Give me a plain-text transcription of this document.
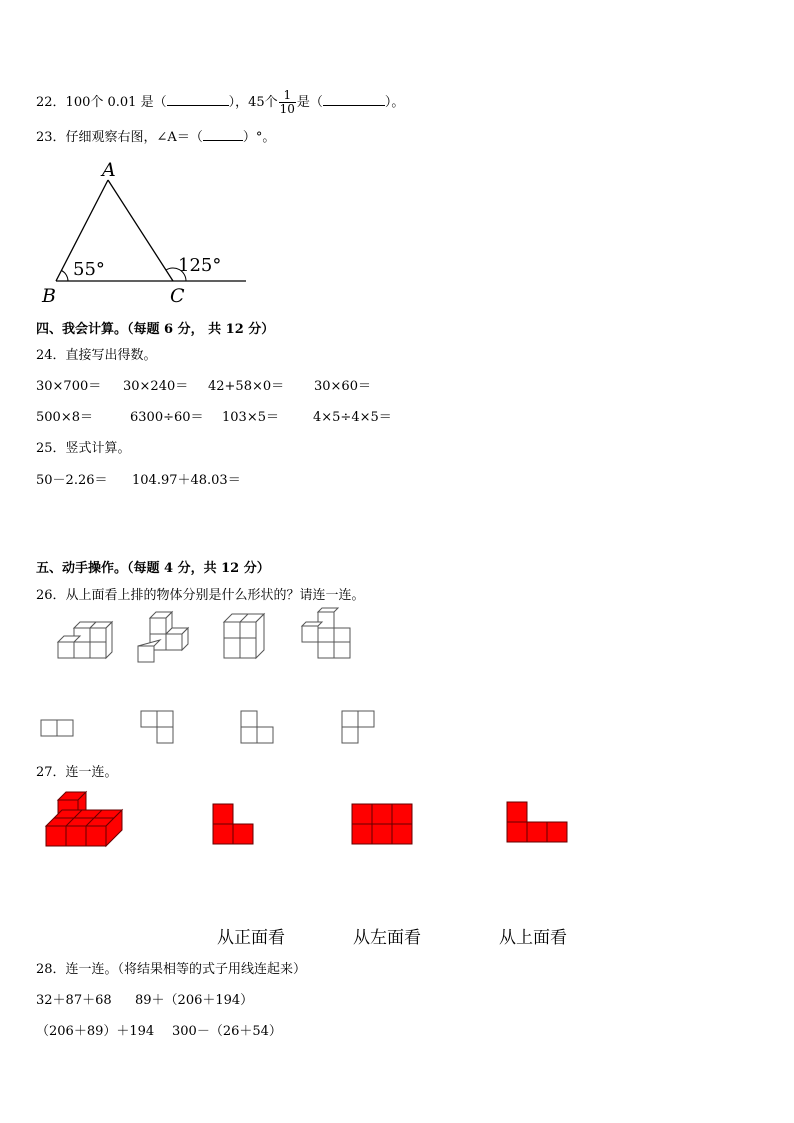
22．100个 0.01 是（	），45个 $\frac{1}{10}$ 是（	）。
23．仔细观察右图，∠A＝（	）°。
A
B	C
55°	125°
四、我会计算。（每题 6 分， 共 12 分）
24．直接写出得数。
30×700＝ 30×240＝ 42+58×0＝ 30×60＝
500×8＝	6300÷60＝ 103×5＝	4×5÷4×5＝
25．竖式计算。
50－2.26＝ 104.97＋48.03＝
五、动手操作。（每题 4 分，共 12 分）
26．从上面看上排的物体分别是什么形状的？请连一连。
27．连一连。
从正面看	从左面看	从上面看
28．连一连。（将结果相等的式子用线连起来）
32＋87＋68 89＋（206＋194）
（206＋89）＋194 300－（26＋54）
